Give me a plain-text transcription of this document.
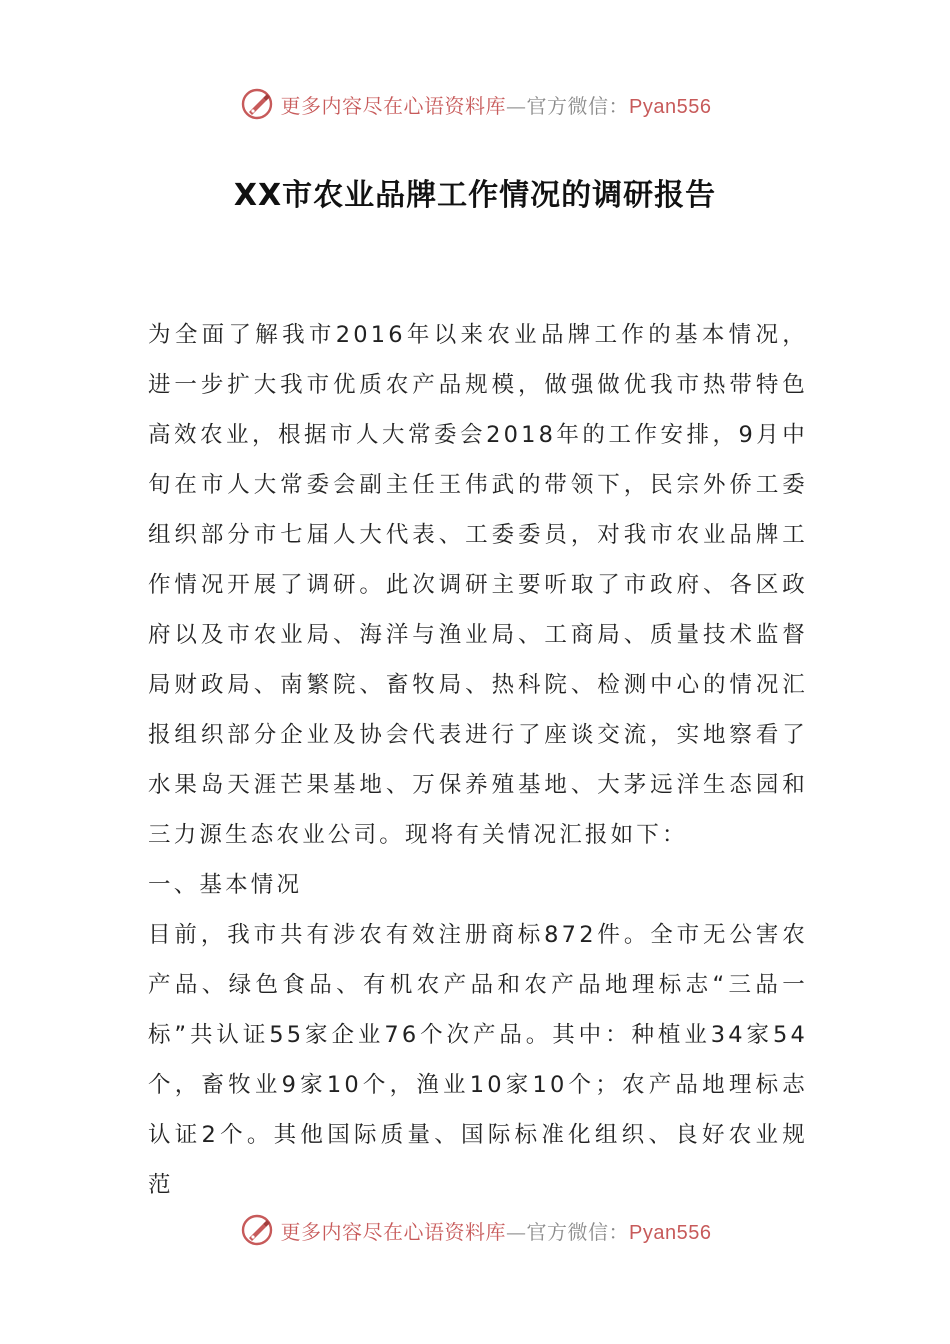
更多内容尽在心语资料库—官方微信：Pyan556
XX市农业品牌工作情况的调研报告

为全面了解我市2016年以来农业品牌工作的基本情况，进一步扩大我市优质农产品规模，做强做优我市热带特色高效农业，根据市人大常委会2018年的工作安排，9月中旬在市人大常委会副主任王伟武的带领下，民宗外侨工委组织部分市七届人大代表、工委委员，对我市农业品牌工作情况开展了调研。此次调研主要听取了市政府、各区政府以及市农业局、海洋与渔业局、工商局、质量技术监督局财政局、南繁院、畜牧局、热科院、检测中心的情况汇报组织部分企业及协会代表进行了座谈交流，实地察看了水果岛天涯芒果基地、万保养殖基地、大茅远洋生态园和三力源生态农业公司。现将有关情况汇报如下：

一、基本情况

目前，我市共有涉农有效注册商标872件。全市无公害农产品、绿色食品、有机农产品和农产品地理标志“三品一标”共认证55家企业76个次产品。其中：种植业34家54个，畜牧业9家10个，渔业10家10个；农产品地理标志认证2个。其他国际质量、国际标准化组织、良好农业规范

更多内容尽在心语资料库—官方微信：Pyan556
